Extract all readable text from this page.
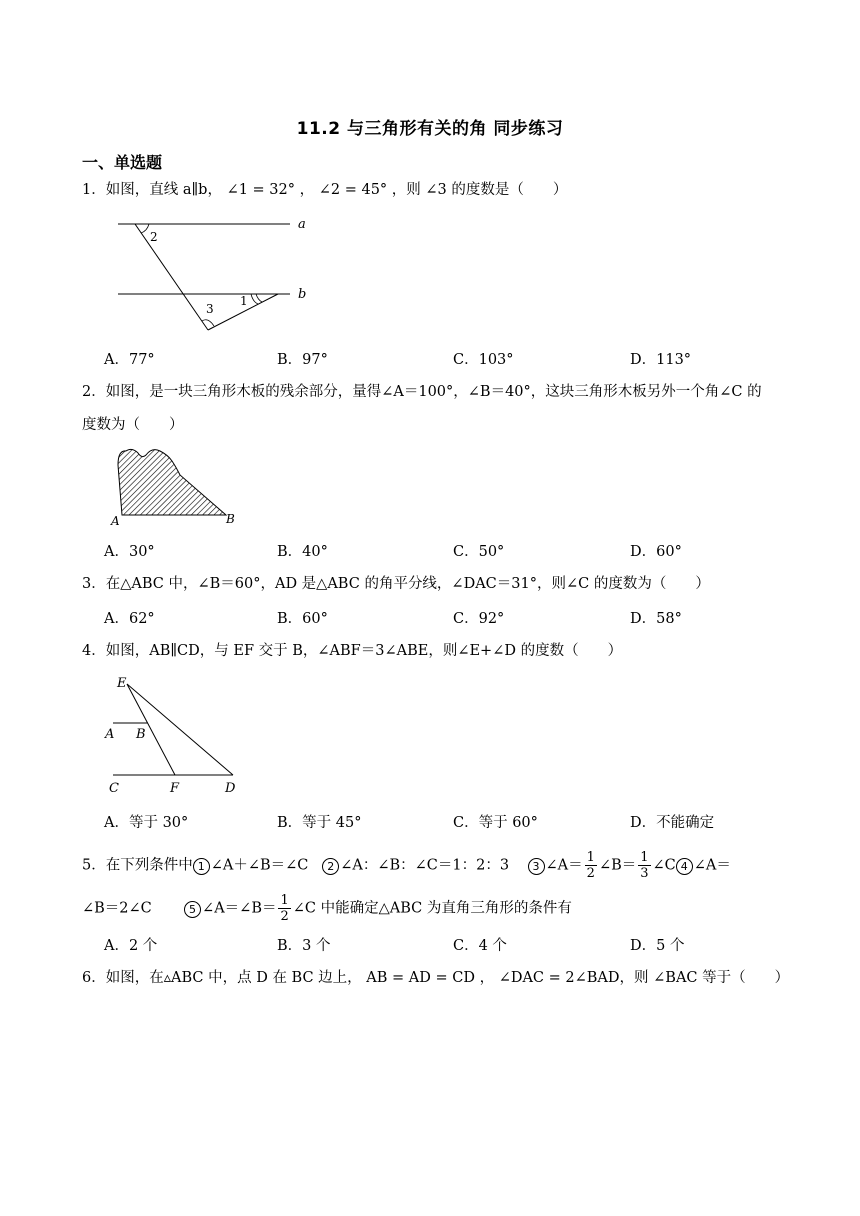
11.2 与三角形有关的角 同步练习
一、单选题
1．如图，直线 a∥b， ∠1 = 32° ， ∠2 = 45° ，则 ∠3 的度数是（　　）
2
3
1
a
b
A．77°	B．97°	C．103°	D．113°
2．如图，是一块三角形木板的残余部分，量得∠A＝100°，∠B＝40°，这块三角形木板另外一个角∠C 的
度数为（　　）
A	B
A．30°	B．40°	C．50°	D．60°
3．在△ABC 中，∠B＝60°，AD 是△ABC 的角平分线，∠DAC＝31°，则∠C 的度数为（　　）
A．62°	B．60°	C．92°	D．58°
4．如图，AB∥CD，与 EF 交于 B，∠ABF＝3∠ABE，则∠E+∠D 的度数（　　）
E
A B
C	F	D
A．等于 30°	B．等于 45°	C．等于 60°	D．不能确定
5．在下列条件中 1 ∠A＋∠B＝∠C 2 ∠A：∠B：∠C＝1：2：3 3 ∠A＝ $\frac{1}{2}$ ∠B＝ $\frac{1}{3}$ ∠C 4 ∠A＝
∠B＝2∠C	5 ∠A＝∠B＝ $\frac{1}{2}$ ∠C 中能确定△ABC 为直角三角形的条件有
A．2 个	B．3 个	C．4 个	D．5 个
6．如图，在▵ABC 中，点 D 在 BC 边上， AB = AD = CD ， ∠DAC = 2∠BAD，则 ∠BAC 等于（　　）
